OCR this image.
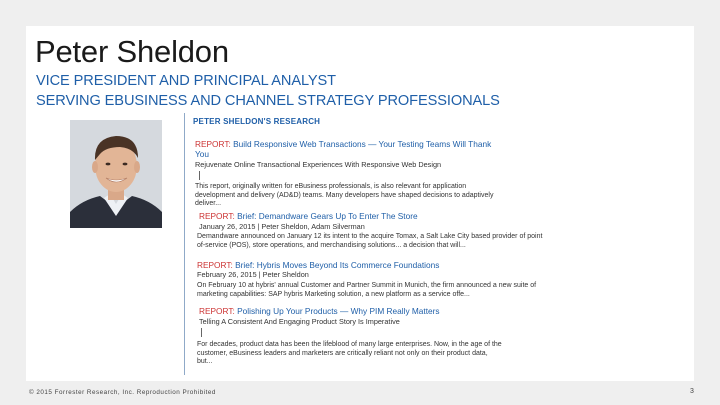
Peter Sheldon
VICE PRESIDENT AND PRINCIPAL ANALYST
SERVING EBUSINESS AND CHANNEL STRATEGY PROFESSIONALS
PETER SHELDON'S RESEARCH
REPORT: Build Responsive Web Transactions — Your Testing Teams Will Thank
You
Rejuvenate Online Transactional Experiences With Responsive Web Design
This report, originally written for eBusiness professionals, is also relevant for application
development and delivery (AD&D) teams. Many developers have shaped decisions to adaptively
deliver...
REPORT: Brief: Demandware Gears Up To Enter The Store
January 26, 2015 | Peter Sheldon, Adam Silverman
Demandware announced on January 12 its intent to the acquire Tomax, a Salt Lake City based provider of point
of-service (POS), store operations, and merchandising solutions... a decision that will...
REPORT: Brief: Hybris Moves Beyond Its Commerce Foundations
February 26, 2015 | Peter Sheldon
On February 10 at hybris' annual Customer and Partner Summit in Munich, the firm announced a new suite of
marketing capabilities: SAP hybris Marketing solution, a new platform as a service offe...
REPORT: Polishing Up Your Products — Why PIM Really Matters
Telling A Consistent And Engaging Product Story Is Imperative
For decades, product data has been the lifeblood of many large enterprises. Now, in the age of the
customer, eBusiness leaders and marketers are critically reliant not only on their product data,
but...
© 2015 Forrester Research, Inc. Reproduction Prohibited	3
